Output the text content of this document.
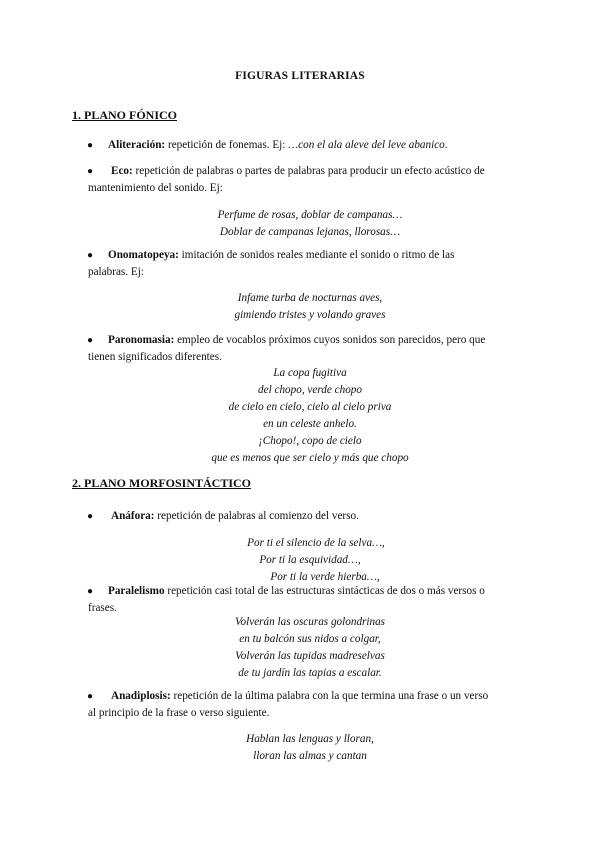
FIGURAS LITERARIAS
1. PLANO FÓNICO
●	Aliteración: repetición de fonemas. Ej: …con el ala aleve del leve abanico.
●	Eco: repetición de palabras o partes de palabras para producir un efecto acústico de
mantenimiento del sonido. Ej:
Perfume de rosas, doblar de campanas…
Doblar de campanas lejanas, llorosas…
●	Onomatopeya: imitación de sonidos reales mediante el sonido o ritmo de las
palabras. Ej:
Infame turba de nocturnas aves,
gimiendo tristes y volando graves
●	Paronomasia: empleo de vocablos próximos cuyos sonidos son parecidos, pero que
tienen significados diferentes.
La copa fugitiva
del chopo, verde chopo
de cielo en cielo, cielo al cielo priva
en un celeste anhelo.
¡Chopo!, copo de cielo
que es menos que ser cielo y más que chopo
2. PLANO MORFOSINTÁCTICO
●	Anáfora: repetición de palabras al comienzo del verso.
Por ti el silencio de la selva…,
Por ti la esquividad…,
Por ti la verde hierba…,
●	Paralelismo repetición casi total de las estructuras sintácticas de dos o más versos o
frases.
Volverán las oscuras golondrinas
en tu balcón sus nidos a colgar,
Volverán las tupidas madreselvas
de tu jardín las tapias a escalar.
●	Anadiplosis: repetición de la última palabra con la que termina una frase o un verso
al principio de la frase o verso siguiente.
Hablan las lenguas y lloran,
lloran las almas y cantan
